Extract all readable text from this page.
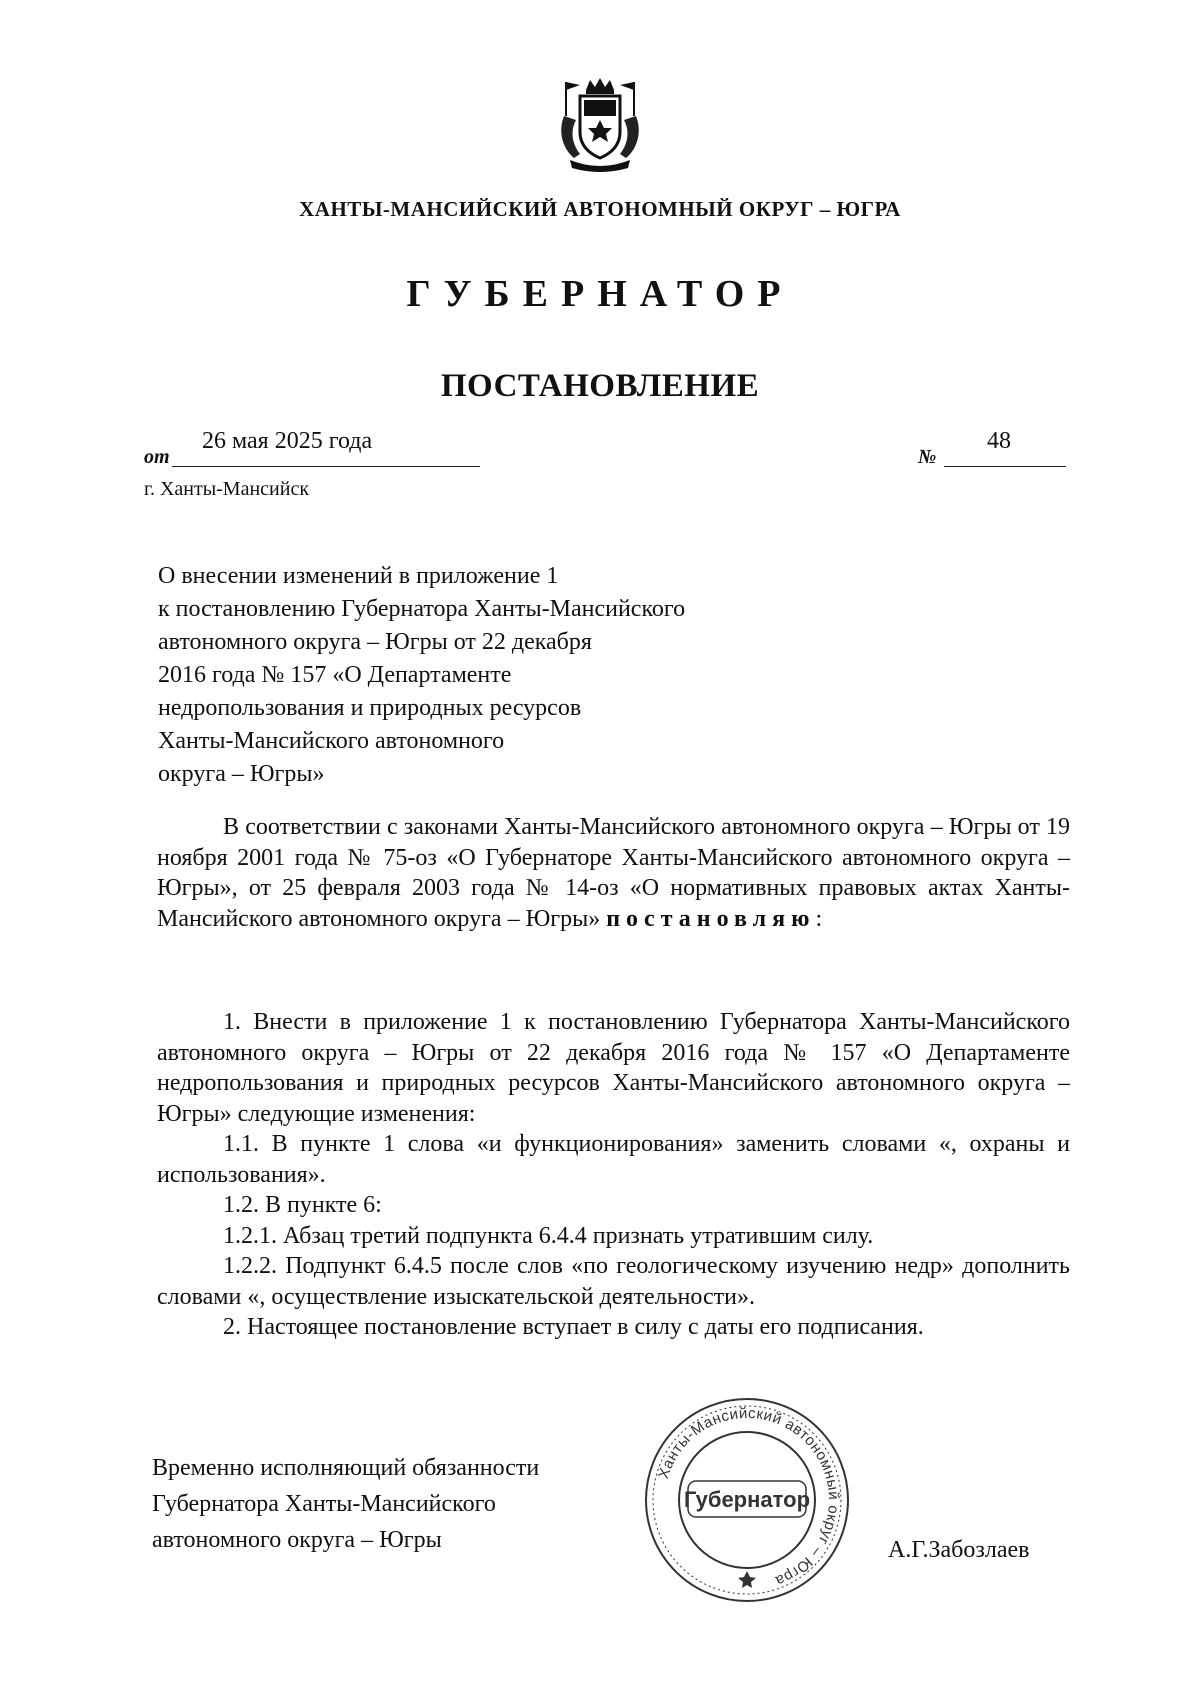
ХАНТЫ-МАНСИЙСКИЙ АВТОНОМНЫЙ ОКРУГ – ЮГРА
ГУБЕРНАТОР
ПОСТАНОВЛЕНИЕ
от
26 мая 2025 года
№
48
г. Ханты-Мансийск
О внесении изменений в приложение 1
к постановлению Губернатора Ханты-Мансийского
автономного округа – Югры от 22 декабря
2016 года № 157 «О Департаменте
недропользования и природных ресурсов
Ханты-Мансийского автономного
округа – Югры»

В соответствии с законами Ханты-Мансийского автономного округа – Югры от 19 ноября 2001 года № 75-оз «О Губернаторе Ханты-Мансийского автономного округа – Югры», от 25 февраля 2003 года № 14-оз «О нормативных правовых актах Ханты-Мансийского автономного округа – Югры» постановляю:

1. Внести в приложение 1 к постановлению Губернатора Ханты-Мансийского автономного округа – Югры от 22 декабря 2016 года № 157 «О Департаменте недропользования и природных ресурсов Ханты-Мансийского автономного округа – Югры» следующие изменения:

1.1. В пункте 1 слова «и функционирования» заменить словами «, охраны и использования».

1.2. В пункте 6:

1.2.1. Абзац третий подпункта 6.4.4 признать утратившим силу.

1.2.2. Подпункт 6.4.5 после слов «по геологическому изучению недр» дополнить словами «, осуществление изыскательской деятельности».

2. Настоящее постановление вступает в силу с даты его подписания.

Временно исполняющий обязанности
Губернатора Ханты-Мансийского
автономного округа – Югры
Ханты-Мансийский автономный округ – Югра
Губернатор
А.Г.Забозлаев
